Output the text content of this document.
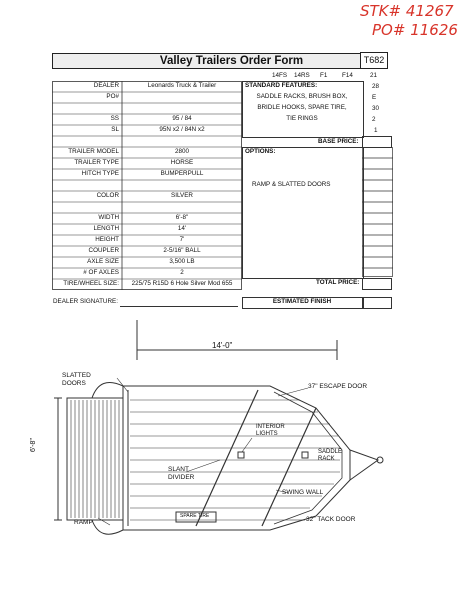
STK# 41267
PO# 11626
Valley Trailers Order Form	T682
14FS 14RS F1 F14	21
DEALER	Leonards Truck & Trailer
PO#
SS	95 / 84
SL	95N x2 / 84N x2
TRAILER MODEL	2800
TRAILER TYPE	HORSE
HITCH TYPE	BUMPERPULL
COLOR	SILVER
WIDTH	6'-8"
LENGTH	14'
HEIGHT	7'
COUPLER	2-5/16" BALL
AXLE SIZE	3,500 LB
# OF AXLES	2
TIRE/WHEEL SIZE:	225/75 R15D 6 Hole Silver Mod 655
STANDARD FEATURES:
SADDLE RACKS, BRUSH BOX,
BRIDLE HOOKS, SPARE TIRE,
TIE RINGS
28
E
30
2
1
BASE PRICE:
OPTIONS:
RAMP & SLATTED DOORS
TOTAL PRICE:
DEALER SIGNATURE:	ESTIMATED FINISH
14'-0"
6'-8"
SLATTED
DOORS	37" ESCAPE DOOR
INTERIOR
LIGHTS
SADDLE
RACK
SLANT
DIVIDER
SWING WALL
SPARE TIRE
RAMP	32" TACK DOOR
